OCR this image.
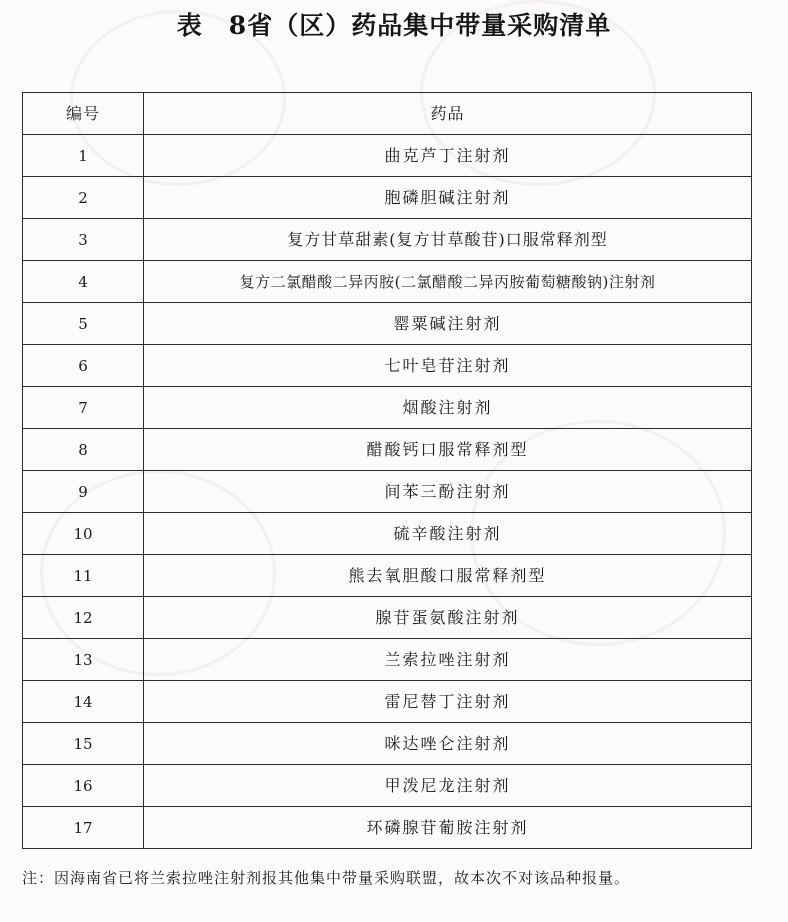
表　8省（区）药品集中带量采购清单
编号	药品
1	曲克芦丁注射剂
2	胞磷胆碱注射剂
3	复方甘草甜素(复方甘草酸苷)口服常释剂型
4	复方二氯醋酸二异丙胺(二氯醋酸二异丙胺葡萄糖酸钠)注射剂
5	罂粟碱注射剂
6	七叶皂苷注射剂
7	烟酸注射剂
8	醋酸钙口服常释剂型
9	间苯三酚注射剂
10	硫辛酸注射剂
11	熊去氧胆酸口服常释剂型
12	腺苷蛋氨酸注射剂
13	兰索拉唑注射剂
14	雷尼替丁注射剂
15	咪达唑仑注射剂
16	甲泼尼龙注射剂
17	环磷腺苷葡胺注射剂
注：因海南省已将兰索拉唑注射剂报其他集中带量采购联盟，故本次不对该品种报量。
